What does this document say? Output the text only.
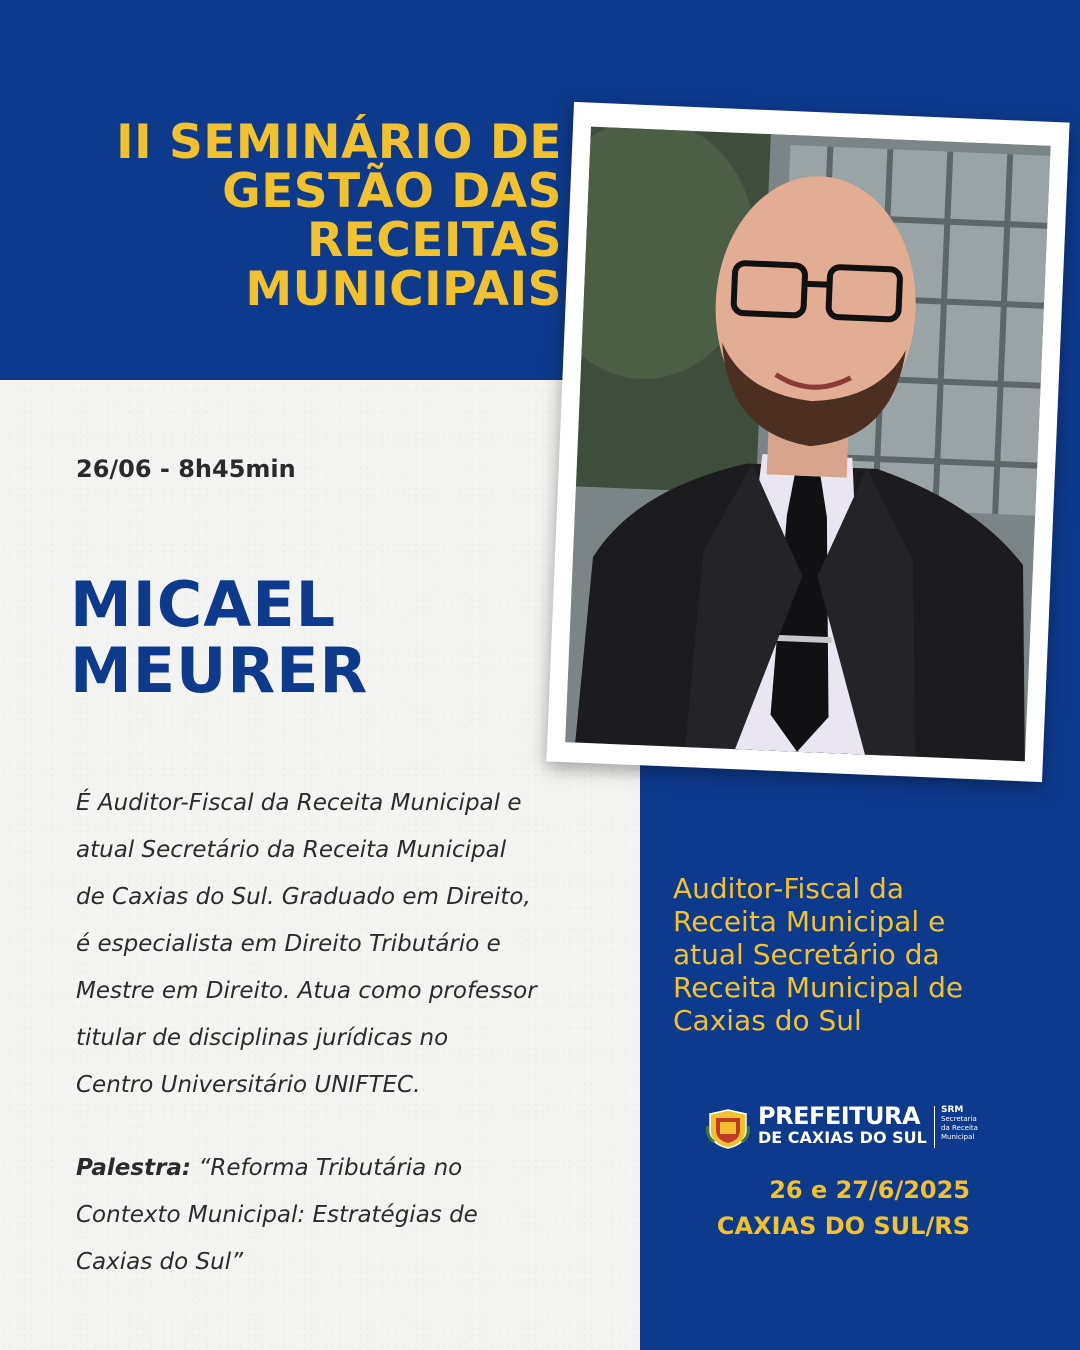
II SEMINÁRIO DE
GESTÃO DAS
RECEITAS
MUNICIPAIS
26/06 - 8h45min
MICAEL
MEURER
É Auditor-Fiscal da Receita Municipal e
atual Secretário da Receita Municipal
de Caxias do Sul. Graduado em Direito,
é especialista em Direito Tributário e
Mestre em Direito. Atua como professor
titular de disciplinas jurídicas no
Centro Universitário UNIFTEC.
Palestra: “Reforma Tributária no
Contexto Municipal: Estratégias de
Caxias do Sul”
Auditor-Fiscal da
Receita Municipal e
atual Secretário da
Receita Municipal de
Caxias do Sul
PREFEITURA
DE CAXIAS DO SUL
SRM
Secretaria
da Receita
Municipal
26 e 27/6/2025
CAXIAS DO SUL/RS
